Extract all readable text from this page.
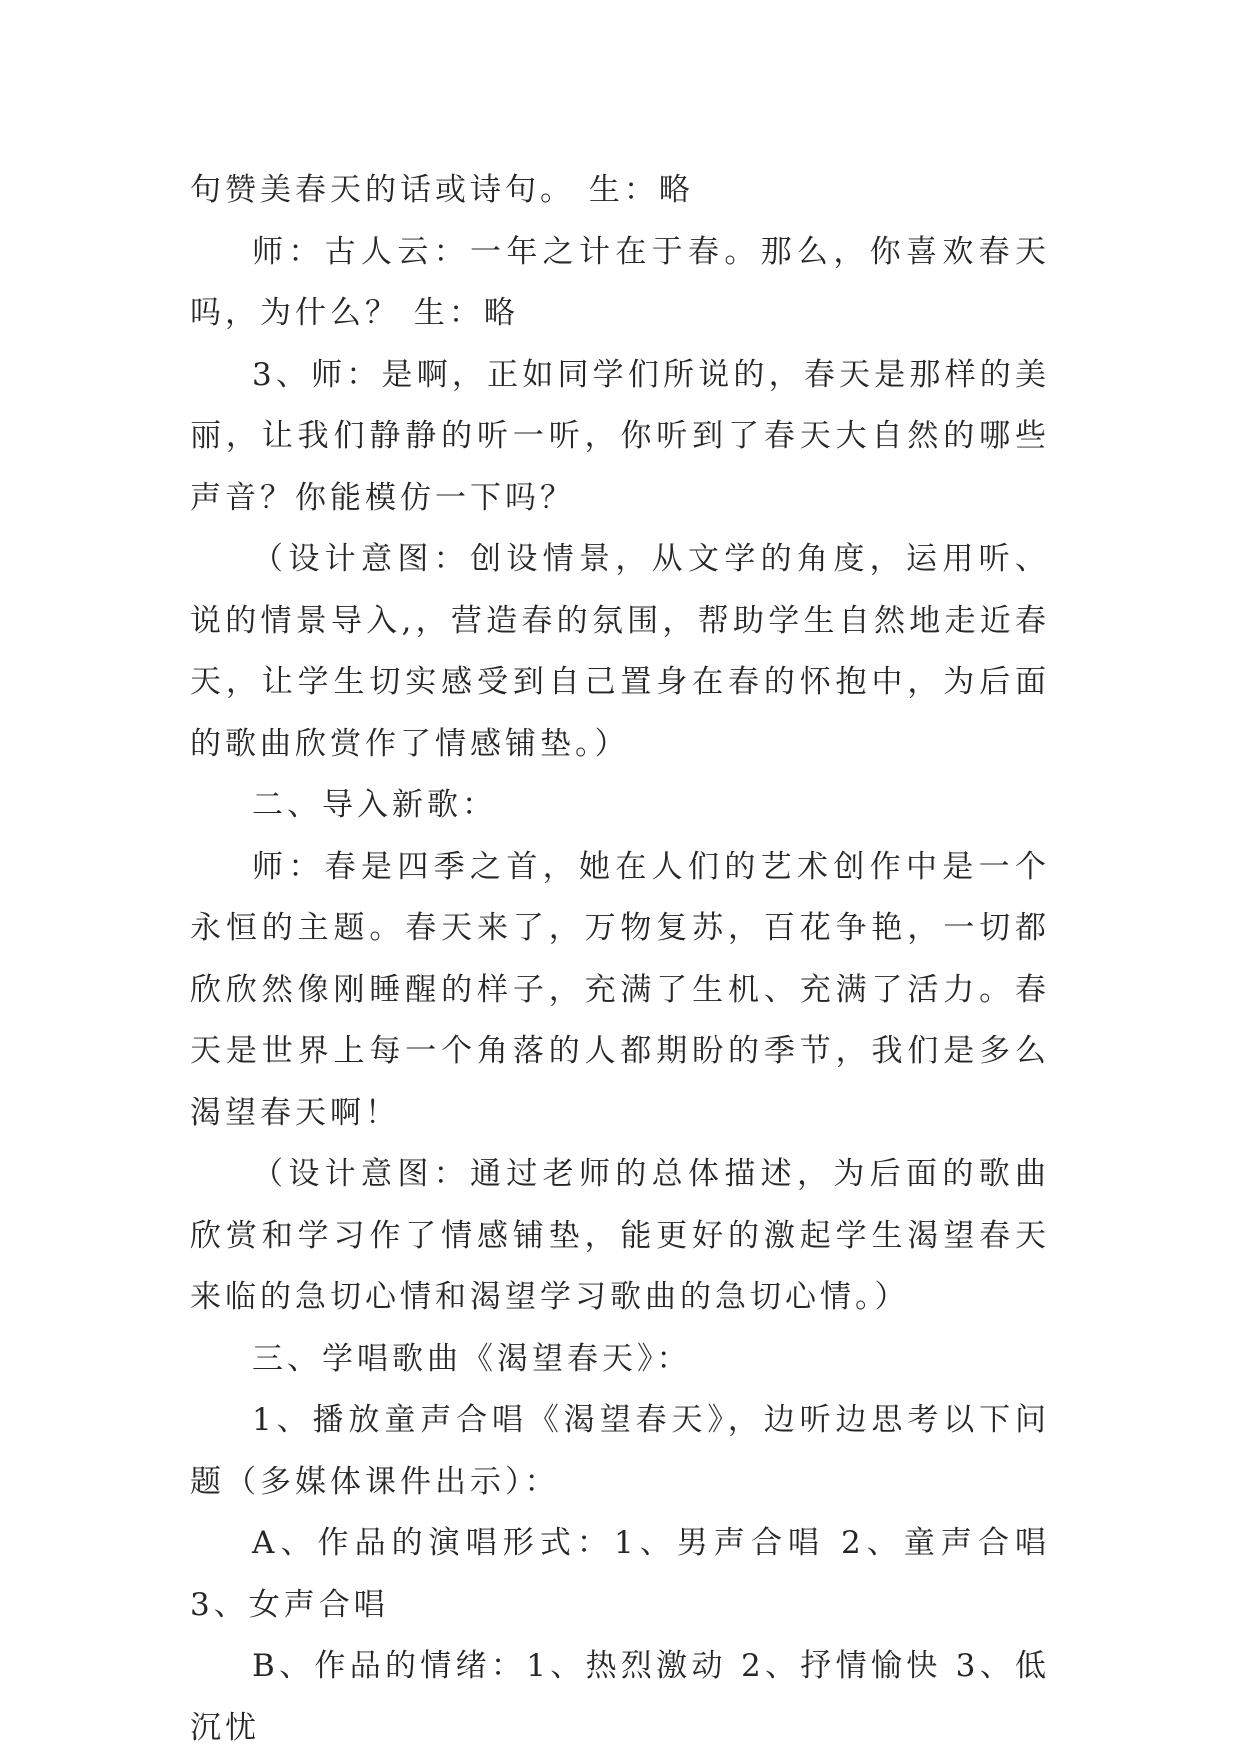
句赞美春天的话或诗句。 生：略

师：古人云：一年之计在于春。那么，你喜欢春天吗，为什么？ 生：略

3、师：是啊，正如同学们所说的，春天是那样的美丽，让我们静静的听一听，你听到了春天大自然的哪些声音？你能模仿一下吗？

（设计意图：创设情景，从文学的角度，运用听、说的情景导入,，营造春的氛围，帮助学生自然地走近春天，让学生切实感受到自己置身在春的怀抱中，为后面的歌曲欣赏作了情感铺垫。）

二、导入新歌：

师：春是四季之首，她在人们的艺术创作中是一个永恒的主题。春天来了，万物复苏，百花争艳，一切都欣欣然像刚睡醒的样子，充满了生机、充满了活力。春天是世界上每一个角落的人都期盼的季节，我们是多么渴望春天啊！

（设计意图：通过老师的总体描述，为后面的歌曲欣赏和学习作了情感铺垫，能更好的激起学生渴望春天来临的急切心情和渴望学习歌曲的急切心情。）

三、学唱歌曲《渴望春天》：

1、播放童声合唱《渴望春天》，边听边思考以下问题（多媒体课件出示）：

A、作品的演唱形式：1、男声合唱 2、童声合唱 3、女声合唱

B、作品的情绪：1、热烈激动 2、抒情愉快 3、低沉忧
